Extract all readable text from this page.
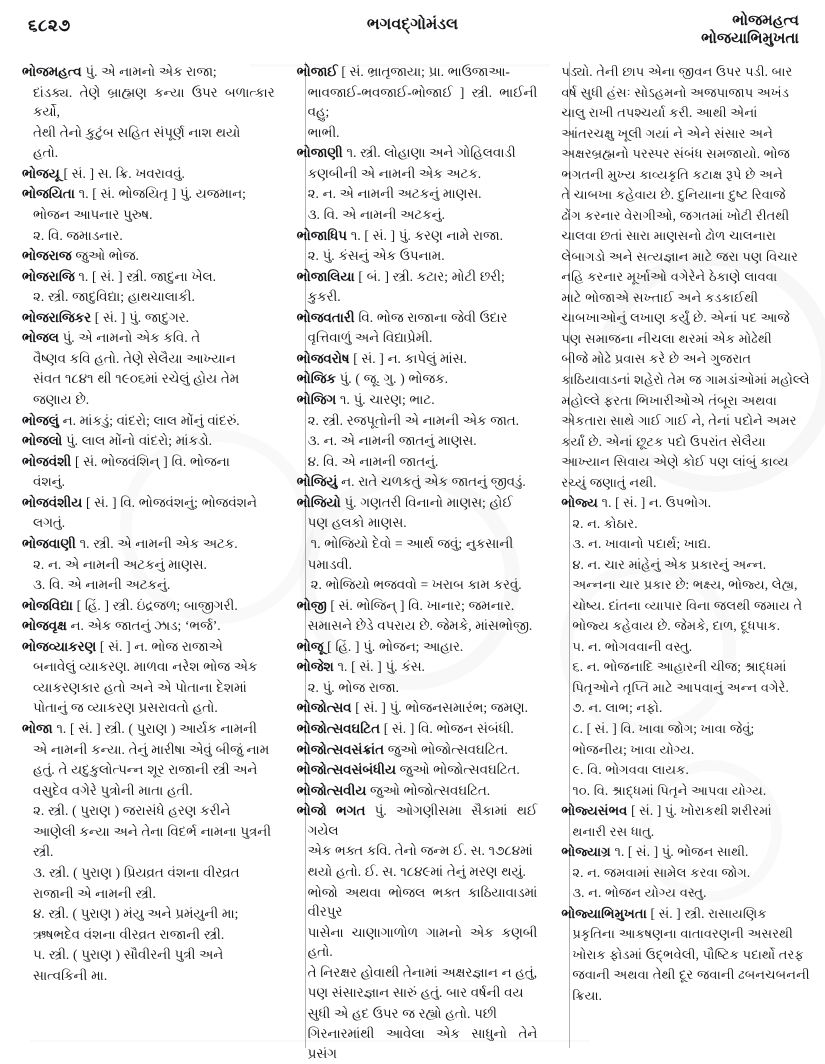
૬૮૨૭	ભગવદ્‌ગોમંડલ	ભોજમહત્વ
ભોજયાભિમુખતા
ભોજમહત્વ પું. એ નામનો એક રાજા;
દાંડક્ય. તેણે બ્રાહ્મણ કન્યા ઉપર બળાત્કાર કર્યો,
તેથી તેનો કુટુંબ સહિત સંપૂર્ણ નાશ થયો
હતો.
ભોજયૂ [ સં. ] સ. ક્રિ. ખવરાવવું.
ભોજયિતા ૧. [ સં. ભોજયિતૃ ] પું. યજમાન;
ભોજન આપનાર પુરુષ.
૨. વિ. જમાડનાર.
ભોજરાજ જુઓ ભોજ.
ભોજરાજિ ૧. [ સં. ] સ્ત્રી. જાદુના ખેલ.
૨. સ્ત્રી. જાદુવિદ્યા; હાથચાલાકી.
ભોજરાજિકર [ સં. ] પું. જાદુગર.
ભોજલ પું. એ નામનો એક કવિ. તે
વૈષ્ણવ કવિ હતો. તેણે સેલૈયા આખ્યાન
સંવત ૧૮૪૧ થી ૧૯૦૬માં રચેલું હોય તેમ
જણાય છે.
ભોજલું ન. માંકડું; વાંદરો; લાલ મોંનું વાંદરું.
ભોજલો પું. લાલ મોંનો વાંદરો; માંકડો.
ભોજવંશી [ સં. ભોજવંશિન્ ] વિ. ભોજના
વંશનું.
ભોજવંશીય [ સં. ] વિ. ભોજવંશનું; ભોજવંશને
લગતું.
ભોજવાણી ૧. સ્ત્રી. એ નામની એક અટક.
૨. ન. એ નામની અટકનું માણસ.
૩. વિ. એ નામની અટકનું.
ભોજવિદ્યા [ હિં. ] સ્ત્રી. ઇંદ્રજળ; બાજીગરી.
ભોજવૃક્ષ ન. એક જાતનું ઝાડ; ‘ભર્જ’.
ભોજવ્યાકરણ [ સં. ] ન. ભોજ રાજાએ
બનાવેલું વ્યાકરણ. માળવા નરેશ ભોજ એક
વ્યાકરણકાર હતો અને એ પોતાના દેશમાં
પોતાનું જ વ્યાકરણ પ્રસરાવતો હતો.
ભોજા ૧. [ સં. ] સ્ત્રી. ( પુરાણ ) આર્યક નામની
એ નામની કન્યા. તેનું મારીષા એવું બીજું નામ
હતું. તે યદુકુલોત્પન્ન શૂર રાજાની સ્ત્રી અને
વસુદેવ વગેરે પુત્રોની માતા હતી.
૨. સ્ત્રી. ( પુરાણ ) જરાસંધે હરણ કરીને
આણેલી કન્યા અને તેના વિદર્ભ નામના પુત્રની
સ્ત્રી.
૩. સ્ત્રી. ( પુરાણ ) પ્રિયવ્રત વંશના વીરવ્રત
રાજાની એ નામની સ્ત્રી.
૪. સ્ત્રી. ( પુરાણ ) મંયુ અને પ્રમંયુની મા;
ઋષભદેવ વંશના વીરવ્રત રાજાની સ્ત્રી.
૫. સ્ત્રી. ( પુરાણ ) સૌવીરની પુત્રી અને
સાત્વકિની મા.
ભોજાઈ [ સં. ભ્રાતૃજાયા; પ્રા. ભાઉજાઆ-
ભાવજાઈ-ભવજાઈ-ભોજાઈ ] સ્ત્રી. ભાઈની વહુ;
ભાભી.
ભોજાણી ૧. સ્ત્રી. લોહાણા અને ગોહિલવાડી
કણબીની એ નામની એક અટક.
૨. ન. એ નામની અટકનું માણસ.
૩. વિ. એ નામની અટકનું.
ભોજાધિપ ૧. [ સં. ] પું. કરણ નામે રાજા.
૨. પું. કંસનું એક ઉપનામ.
ભોજાલિયા [ બં. ] સ્ત્રી. કટાર; મોટી છરી;
કુકરી.
ભોજવતારી વિ. ભોજ રાજાના જેવી ઉદાર
વૃત્તિવાળું અને વિદ્યાપ્રેમી.
ભોજવરોષ [ સં. ] ન. કાપેલું માંસ.
ભોજિક પું. ( જૂ. ગુ. ) ભોજક.
ભોજિગ ૧. પું. ચારણ; ભાટ.
૨. સ્ત્રી. રજપૂતોની એ નામની એક જાત.
૩. ન. એ નામની જાતનું માણસ.
૪. વિ. એ નામની જાતનું.
ભોજિયું ન. રાતે ચળકતું એક જાતનું જીવડું.
ભોજિયો પું. ગણતરી વિનાનો માણસ; હોઈ
પણ હલકો માણસ.
૧. ભોજિયો દેવો = આર્થ જવું; નુકસાની
પમાડવી.
૨. ભોજિયો ભજવવો = ખરાબ કામ કરવું.
ભોજી [ સં. ભોજિન્ ] વિ. ખાનાર; જમનાર.
સમાસને છેડે વપરાય છે. જેમકે, માંસભોજી.
ભોજૂ [ હિં. ] પું. ભોજન; આહાર.
ભોજેશ ૧. [ સં. ] પું. કંસ.
૨. પું. ભોજ રાજા.
ભોજોત્સવ [ સં. ] પું. ભોજનસમારંભ; જમણ.
ભોજોત્સવઘટિત [ સં. ] વિ. ભોજન સંબંધી.
ભોજોત્સવસંક્રાંત જુઓ ભોજોત્સવઘટિત.
ભોજોત્સવસંબંધીય જુઓ ભોજોત્સવઘટિત.
ભોજોત્સવીય જુઓ ભોજોત્સવઘટિત.
ભોજો ભગત પું. ઓગણીસમા સૈકામાં થઈ ગયેલ
એક ભક્ત કવિ. તેનો જન્મ ઈ. સ. ૧૭૮૪માં
થયો હતો. ઈ. સ. ૧૮૪૯માં તેનું મરણ થયું.
ભોજો અથવા ભોજલ ભક્ત કાઠિયાવાડમાં વીરપુર
પાસેના ચાણાગાળોળ ગામનો એક કણબી હતો.
તે નિરક્ષર હોવાથી તેનામાં અક્ષરજ્ઞાન ન હતું,
પણ સંસારજ્ઞાન સારું હતું. બાર વર્ષની વય
સુધી એ હદ ઉપર જ રહ્યો હતો. પછી
ગિરનારમાંથી આવેલા એક સાધુનો તેને પ્રસંગ
પડ્યો. તેની છાપ એના જીવન ઉપર પડી. બાર
વર્ષ સુધી હંસઃ સોઽહમનો અજપાજાપ અખંડ
ચાલુ રાખી તપશ્ચર્યા કરી. આથી એનાં
આંતરચક્ષુ ખૂલી ગયાં ને એને સંસાર અને
અક્ષરબ્રહ્મનો પરસ્પર સંબંધ સમજાયો. ભોજ
ભગતની મુખ્ય કાવ્યકૃતિ કટાક્ષ રૂપે છે અને
તે ચાબખા કહેવાય છે. દુનિયાના દુષ્ટ રિવાજે
ઢોંગ કરનાર વેરાગીઓ, જગતમાં ખોટી રીતથી
ચાલવા છતાં સારા માણસનો ઢોળ ચાલનારા
લેબાગડો અને સત્યજ્ઞાન માટે જરા પણ વિચાર
નહિ કરનાર મૂર્ખાઓ વગેરેને ઠેકાણે લાવવા
માટે ભોજાએ સખ્તાઈ અને કડકાઈથી
ચાબખાઓનું લખાણ કર્યું છે. એનાં પદ આજે
પણ સમાજના નીચલા થરમાં એક મોઢેથી
બીજે મોઢે પ્રવાસ કરે છે અને ગુજરાત
કાઠિયાવાડનાં શહેરો તેમ જ ગામડાંઓમાં મહોલ્લે
મહોલ્લે ફરતા ભિખારીઓએ તંબૂરા અથવા
એકતારા સાથે ગાઈ ગાઈ ને, તેનાં પદોને અમર
કર્યાં છે. એનાં છૂટક પદો ઉપરાંત સેલૈયા
આખ્યાન સિવાય એણે કોઈ પણ લાંબું કાવ્ય
રચ્યું જણાતું નથી.
ભોજ્ય ૧. [ સં. ] ન. ઉપભોગ.
૨. ન. કોઠાર.
૩. ન. ખાવાનો પદાર્થ; ખાદ્ય.
૪. ન. ચાર માંહેનું એક પ્રકારનું અન્ન.
અન્નના ચાર પ્રકાર છે: ભક્ષ્ય, ભોજ્ય, લેહ્ય,
ચોષ્ય. દાંતના વ્યાપાર વિના જલથી જમાય તે
ભોજ્ય કહેવાય છે. જેમકે, દાળ, દૂધપાક.
૫. ન. ભોગવવાની વસ્તુ.
૬. ન. ભોજનાદિ આહારની ચીજ; શ્રાદ્ધમાં
પિતૃઓને તૃપ્તિ માટે આપવાનું અન્ન વગેરે.
૭. ન. લાભ; નફો.
૮. [ સં. ] વિ. ખાવા જોગ; ખાવા જેવું;
ભોજનીય; ખાવા યોગ્ય.
૯. વિ. ભોગવવા લાયક.
૧૦. વિ. શ્રાદ્ધમાં પિતૃને આપવા યોગ્ય.
ભોજ્યસંભવ [ સં. ] પું. ખોરાકથી શરીરમાં
થનારી રસ ધાતુ.
ભોજ્યાગ્ર ૧. [ સં. ] પું. ભોજન સાથી.
૨. ન. જમવામાં સામેલ કરવા જોગ.
૩. ન. ભોજન યોગ્ય વસ્તુ.
ભોજ્યાભિમુખતા [ સં. ] સ્ત્રી. રાસાયણિક
પ્રકૃતિના આકષણના વાતાવરણની અસરથી
ખોરાક ફોડમાં ઉદ્ભવેલી, પૌષ્ટિક પદાર્થો તરફ
જવાની અથવા તેથી દૂર જવાની ઢબનચબનની
ક્રિયા.
